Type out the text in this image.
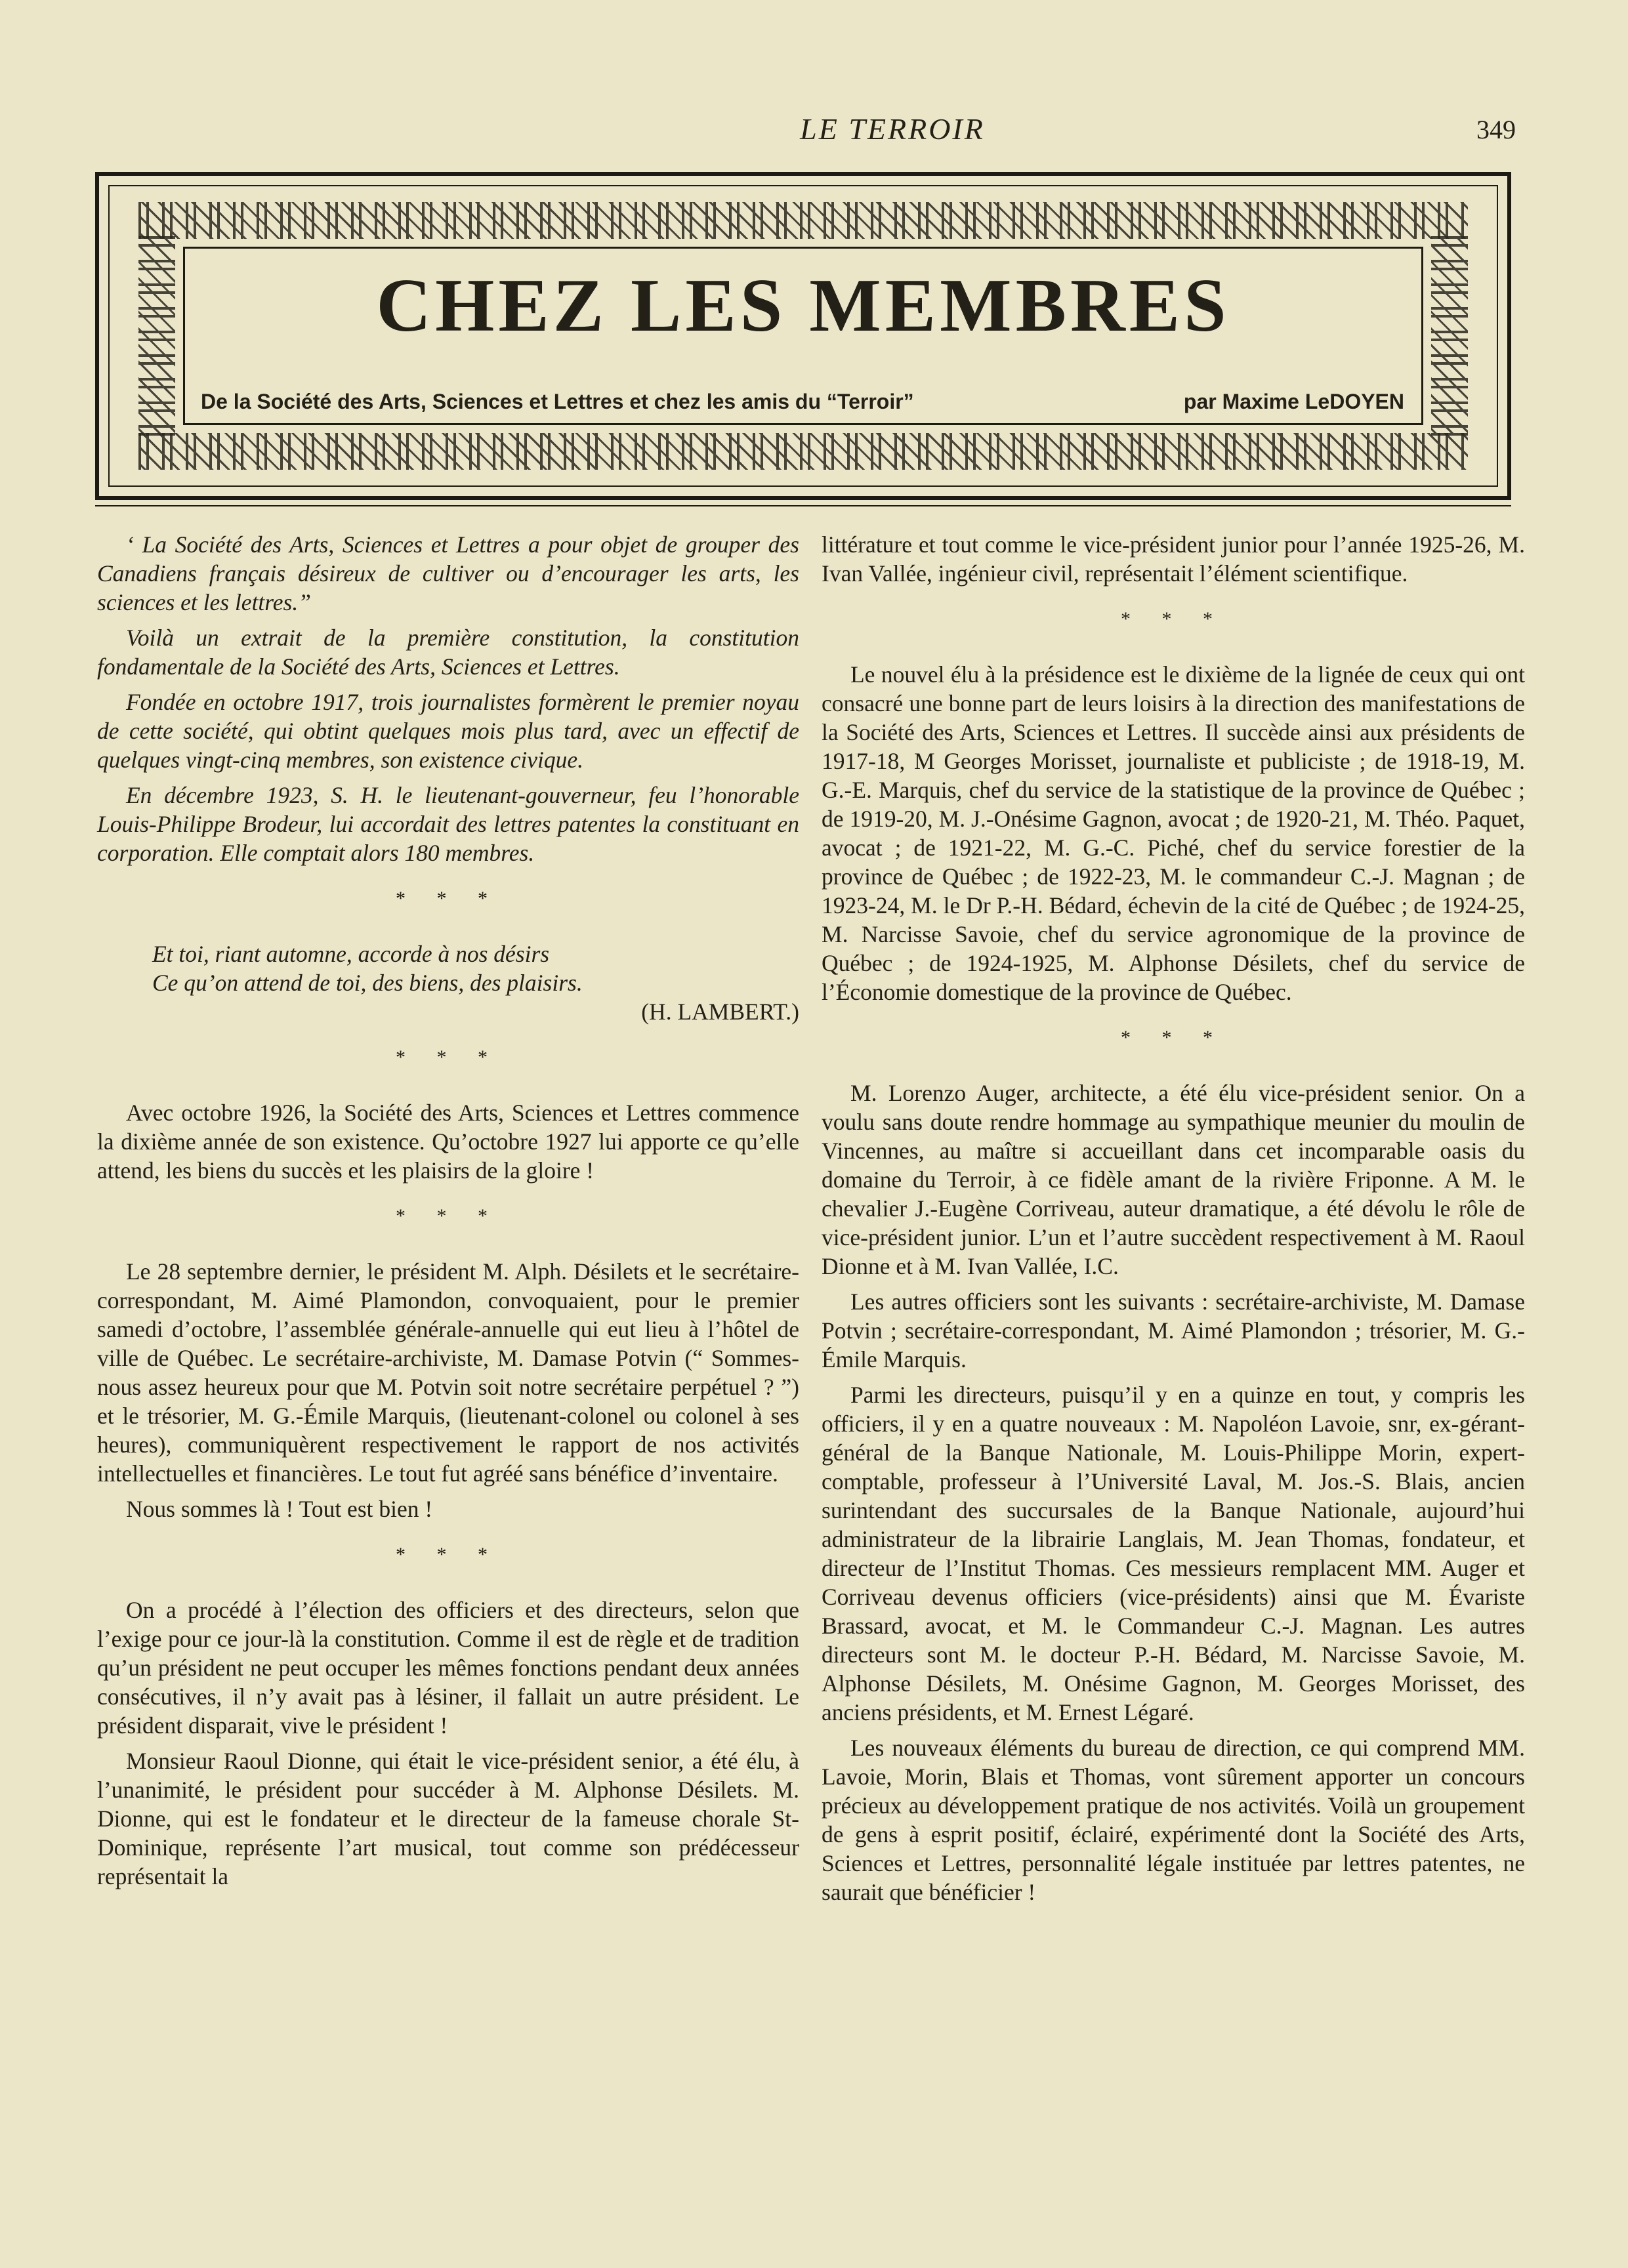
LE TERROIR	349
CHEZ LES MEMBRES
De la Société des Arts, Sciences et Lettres et chez les amis du “Terroir”	par Maxime LeDOYEN

‘ La Société des Arts, Sciences et Lettres a pour objet de grouper des Canadiens français désireux de cultiver ou d’encourager les arts, les sciences et les lettres.”

Voilà un extrait de la première constitution, la constitution fondamentale de la Société des Arts, Sciences et Lettres.

Fondée en octobre 1917, trois journalistes formèrent le premier noyau de cette société, qui obtint quelques mois plus tard, avec un effectif de quelques vingt-cinq membres, son existence civique.

En décembre 1923, S. H. le lieutenant-gouverneur, feu l’honorable Louis-Philippe Brodeur, lui accordait des lettres patentes la constituant en corporation. Elle comptait alors 180 membres.

* * *
Et toi, riant automne, accorde à nos désirs
Ce qu’on attend de toi, des biens, des plaisirs.
(H. LAMBERT.)
* * *

Avec octobre 1926, la Société des Arts, Sciences et Lettres commence la dixième année de son existence. Qu’octobre 1927 lui apporte ce qu’elle attend, les biens du succès et les plaisirs de la gloire !

* * *

Le 28 septembre dernier, le président M. Alph. Désilets et le secrétaire-correspondant, M. Aimé Plamondon, convoquaient, pour le premier samedi d’octobre, l’assemblée générale-annuelle qui eut lieu à l’hôtel de ville de Québec. Le secrétaire-archiviste, M. Damase Potvin (“ Sommes-nous assez heureux pour que M. Potvin soit notre secrétaire perpétuel ? ”) et le trésorier, M. G.-Émile Marquis, (lieutenant-colonel ou colonel à ses heures), communiquèrent respectivement le rapport de nos activités intellectuelles et financières. Le tout fut agréé sans bénéfice d’inventaire.

Nous sommes là ! Tout est bien !

* * *

On a procédé à l’élection des officiers et des directeurs, selon que l’exige pour ce jour-là la constitution. Comme il est de règle et de tradition qu’un président ne peut occuper les mêmes fonctions pendant deux années consécutives, il n’y avait pas à lésiner, il fallait un autre président. Le président disparait, vive le président !

Monsieur Raoul Dionne, qui était le vice-président senior, a été élu, à l’unanimité, le président pour succéder à M. Alphonse Désilets. M. Dionne, qui est le fondateur et le directeur de la fameuse chorale St-Dominique, représente l’art musical, tout comme son prédécesseur représentait la

littérature et tout comme le vice-président junior pour l’année 1925-26, M. Ivan Vallée, ingénieur civil, représentait l’élément scientifique.

* * *

Le nouvel élu à la présidence est le dixième de la lignée de ceux qui ont consacré une bonne part de leurs loisirs à la direction des manifestations de la Société des Arts, Sciences et Lettres. Il succède ainsi aux présidents de 1917-18, M Georges Morisset, journaliste et publiciste ; de 1918-19, M. G.-E. Marquis, chef du service de la statistique de la province de Québec ; de 1919-20, M. J.-Onésime Gagnon, avocat ; de 1920-21, M. Théo. Paquet, avocat ; de 1921-22, M. G.-C. Piché, chef du service forestier de la province de Québec ; de 1922-23, M. le commandeur C.-J. Magnan ; de 1923-24, M. le Dr P.-H. Bédard, échevin de la cité de Québec ; de 1924-25, M. Narcisse Savoie, chef du service agronomique de la province de Québec ; de 1924-1925, M. Alphonse Désilets, chef du service de l’Économie domestique de la province de Québec.

* * *

M. Lorenzo Auger, architecte, a été élu vice-président senior. On a voulu sans doute rendre hommage au sympathique meunier du moulin de Vincennes, au maître si accueillant dans cet incomparable oasis du domaine du Terroir, à ce fidèle amant de la rivière Friponne. A M. le chevalier J.-Eugène Corriveau, auteur dramatique, a été dévolu le rôle de vice-président junior. L’un et l’autre succèdent respectivement à M. Raoul Dionne et à M. Ivan Vallée, I.C.

Les autres officiers sont les suivants : secrétaire-archiviste, M. Damase Potvin ; secrétaire-correspondant, M. Aimé Plamondon ; trésorier, M. G.-Émile Marquis.

Parmi les directeurs, puisqu’il y en a quinze en tout, y compris les officiers, il y en a quatre nouveaux : M. Napoléon Lavoie, snr, ex-gérant-général de la Banque Nationale, M. Louis-Philippe Morin, expert-comptable, professeur à l’Université Laval, M. Jos.-S. Blais, ancien surintendant des succursales de la Banque Nationale, aujourd’hui administrateur de la librairie Langlais, M. Jean Thomas, fondateur, et directeur de l’Institut Thomas. Ces messieurs remplacent MM. Auger et Corriveau devenus officiers (vice-présidents) ainsi que M. Évariste Brassard, avocat, et M. le Commandeur C.-J. Magnan. Les autres directeurs sont M. le docteur P.-H. Bédard, M. Narcisse Savoie, M. Alphonse Désilets, M. Onésime Gagnon, M. Georges Morisset, des anciens présidents, et M. Ernest Légaré.

Les nouveaux éléments du bureau de direction, ce qui comprend MM. Lavoie, Morin, Blais et Thomas, vont sûrement apporter un concours précieux au développement pratique de nos activités. Voilà un groupement de gens à esprit positif, éclairé, expérimenté dont la Société des Arts, Sciences et Lettres, personnalité légale instituée par lettres patentes, ne saurait que bénéficier !
